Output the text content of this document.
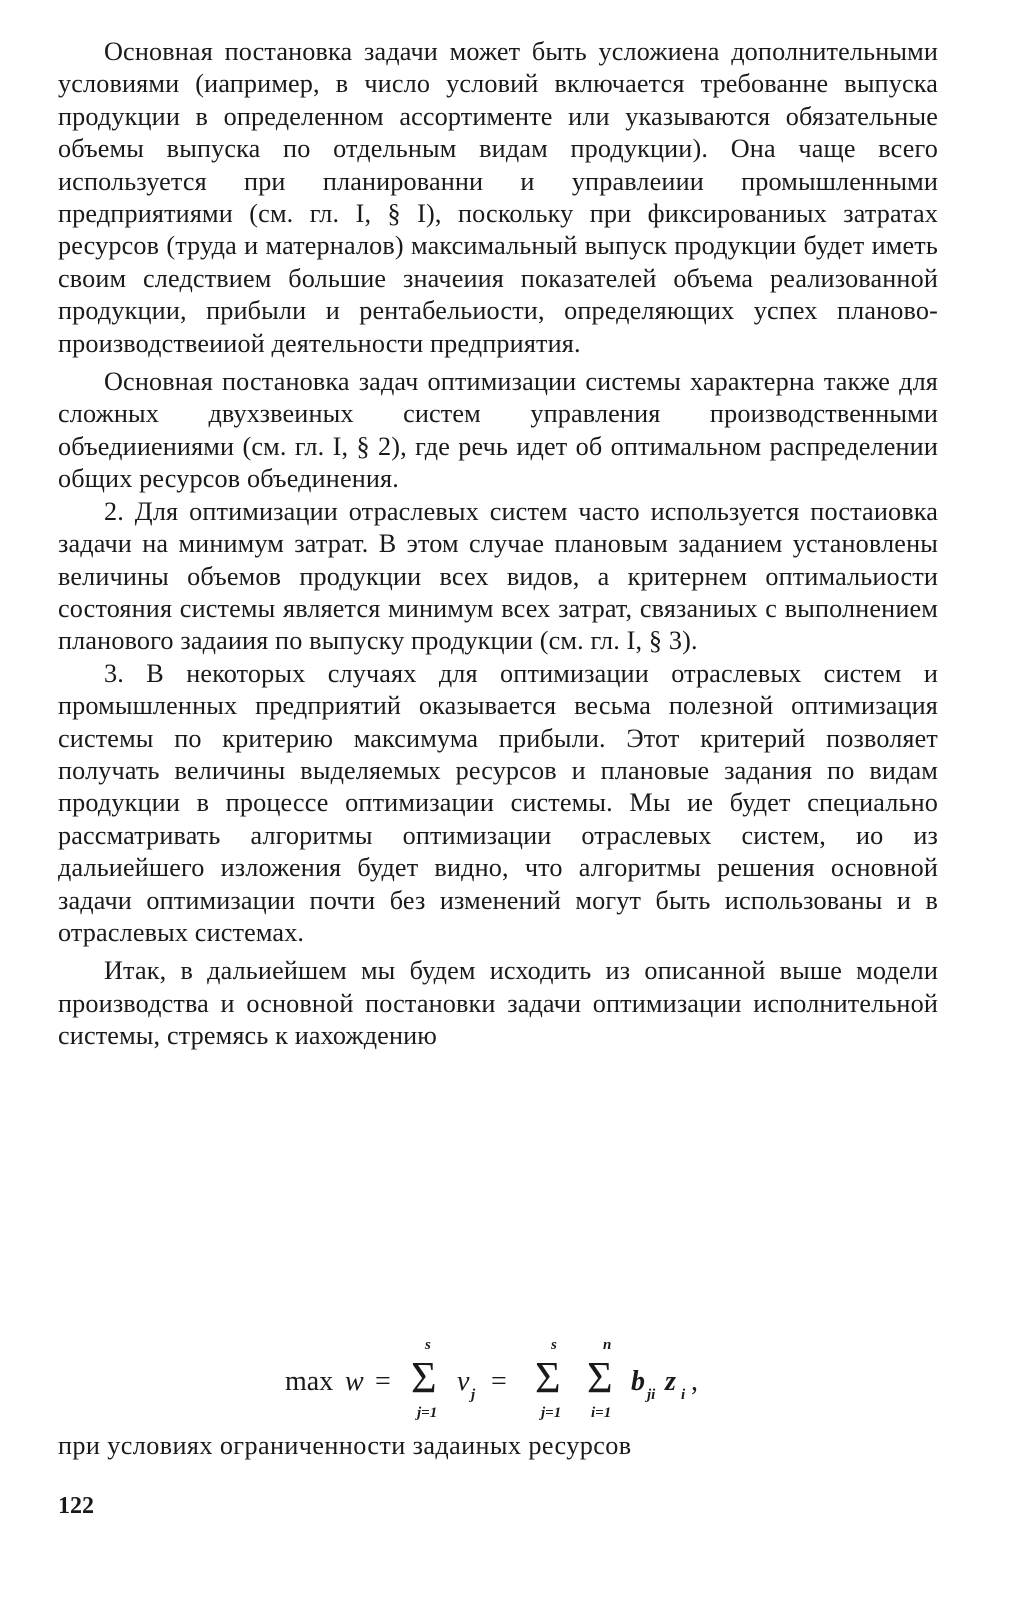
Основная постановка задачи может быть усложиена дополнительными условиями (иапример, в число условий включается требованне выпуска продукции в определенном ассортименте или указываются обязательные объемы выпуска по отдельным видам продукции). Она чаще всего используется при планированни и управлеиии промышленными предприятиями (см. гл. I, § I), поскольку при фиксированиых затратах ресурсов (труда и матерналов) максимальный выпуск продукции будет иметь своим следствием большие значеиия показателей объема реализованной продукции, прибыли и рентабельиости, определяющих успех планово-производствеииой деятельности предприятия.

Основная постановка задач оптимизации системы характерна также для сложных двухзвеиных систем управления производственными объедииениями (см. гл. I, § 2), где речь идет об оптимальном распределении общих ресурсов объединения.

2. Для оптимизации отраслевых систем часто используется постаиовка задачи на минимум затрат. В этом случае плановым заданием установлены величины объемов продукции всех видов, а критернем оптимальиости состояния системы является минимум всех затрат, связаниых с выполнением планового задаиия по выпуску продукции (см. гл. I, § 3).

3. В некоторых случаях для оптимизации отраслевых систем и промышленных предприятий оказывается весьма полезной оптимизация системы по критерию максимума прибыли. Этот критерий позволяет получать величины выделяемых ресурсов и плановые задания по видам продукции в процессе оптимизации системы. Мы ие будет специально рассматривать алгоритмы оптимизации отраслевых систем, ио из дальиейшего изложения будет видно, что алгоритмы решения основной задачи оптимизации почти без изменений могут быть использованы и в отраслевых системах.

Итак, в дальиейшем мы будем исходить из описанной выше модели производства и основной постановки задачи оптимизации исполнительной системы, стремясь к иахождению

max w =
s
Σ
j=1
v j =
s
Σ
j=1
n
Σ
i=1
b ji z i ,
при условиях ограниченности задаиных ресурсов
122
